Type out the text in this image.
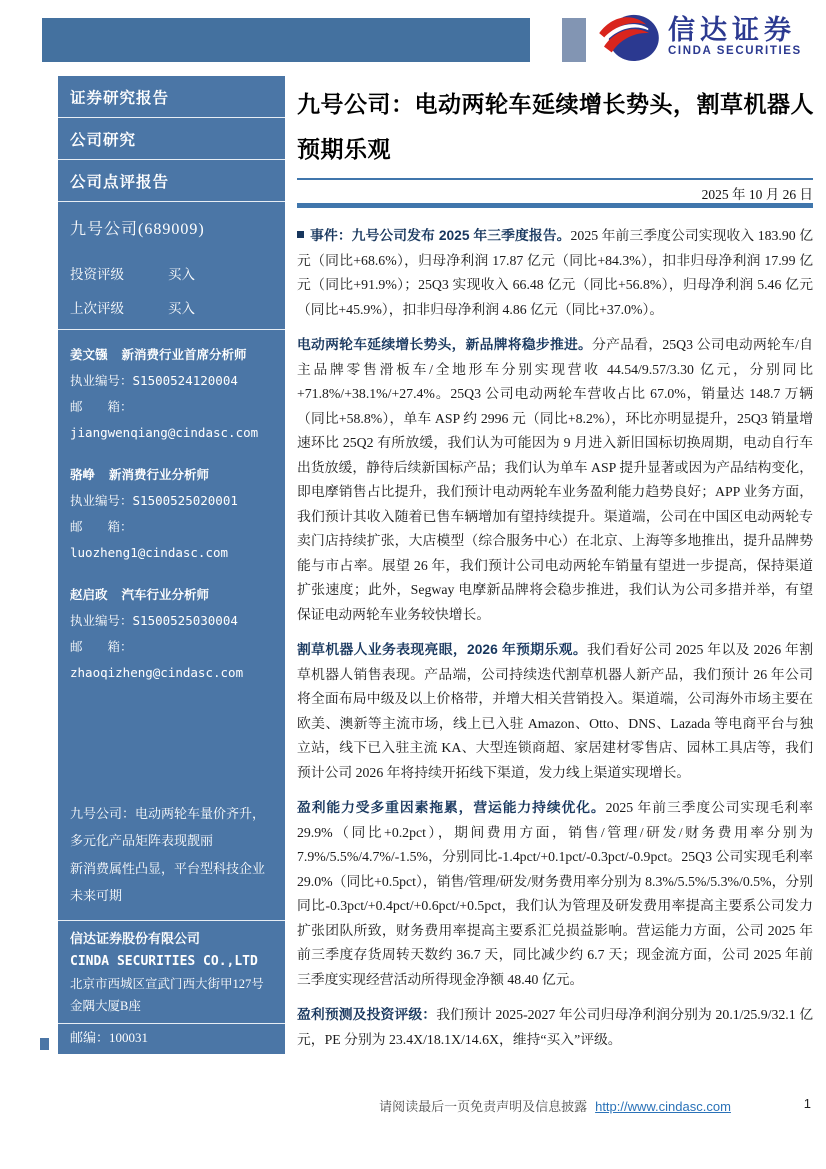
信达证券
CINDA SECURITIES
证券研究报告
公司研究
公司点评报告
九号公司(689009)
投资评级	买入
上次评级	买入
姜文镪 新消费行业首席分析师
执业编号：S1500524120004
邮　　箱：
jiangwenqiang@cindasc.com
骆峥 新消费行业分析师
执业编号：S1500525020001
邮　　箱：
luozheng1@cindasc.com
赵启政 汽车行业分析师
执业编号：S1500525030004
邮　　箱：
zhaoqizheng@cindasc.com
九号公司：电动两轮车量价齐升，多元化产品矩阵表现靓丽
新消费属性凸显，平台型科技企业未来可期
信达证券股份有限公司
CINDA SECURITIES CO.,LTD
北京市西城区宣武门西大街甲127号金隅大厦B座
邮编：100031
九号公司：电动两轮车延续增长势头，割草机器人预期乐观
2025 年 10 月 26 日

事件：九号公司发布 2025 年三季度报告。2025 年前三季度公司实现收入 183.90 亿元（同比+68.6%），归母净利润 17.87 亿元（同比+84.3%），扣非归母净利润 17.99 亿元（同比+91.9%）；25Q3 实现收入 66.48 亿元（同比+56.8%），归母净利润 5.46 亿元（同比+45.9%），扣非归母净利润 4.86 亿元（同比+37.0%）。

电动两轮车延续增长势头，新品牌将稳步推进。分产品看，25Q3 公司电动两轮车/自主品牌零售滑板车/全地形车分别实现营收 44.54/9.57/3.30 亿元，分别同比+71.8%/+38.1%/+27.4%。25Q3 公司电动两轮车营收占比 67.0%，销量达 148.7 万辆（同比+58.8%），单车 ASP 约 2996 元（同比+8.2%），环比亦明显提升，25Q3 销量增速环比 25Q2 有所放缓，我们认为可能因为 9 月进入新旧国标切换周期，电动自行车出货放缓，静待后续新国标产品；我们认为单车 ASP 提升显著或因为产品结构变化，即电摩销售占比提升，我们预计电动两轮车业务盈利能力趋势良好；APP 业务方面，我们预计其收入随着已售车辆增加有望持续提升。渠道端，公司在中国区电动两轮专卖门店持续扩张，大店模型（综合服务中心）在北京、上海等多地推出，提升品牌势能与市占率。展望 26 年，我们预计公司电动两轮车销量有望进一步提高，保持渠道扩张速度；此外，Segway 电摩新品牌将会稳步推进，我们认为公司多措并举，有望保证电动两轮车业务较快增长。

割草机器人业务表现亮眼，2026 年预期乐观。我们看好公司 2025 年以及 2026 年割草机器人销售表现。产品端，公司持续迭代割草机器人新产品，我们预计 26 年公司将全面布局中级及以上价格带，并增大相关营销投入。渠道端，公司海外市场主要在欧美、澳新等主流市场，线上已入驻 Amazon、Otto、DNS、Lazada 等电商平台与独立站，线下已入驻主流 KA、大型连锁商超、家居建材零售店、园林工具店等，我们预计公司 2026 年将持续开拓线下渠道，发力线上渠道实现增长。

盈利能力受多重因素拖累，营运能力持续优化。2025 年前三季度公司实现毛利率 29.9%（同比+0.2pct），期间费用方面，销售/管理/研发/财务费用率分别为 7.9%/5.5%/4.7%/-1.5%，分别同比-1.4pct/+0.1pct/-0.3pct/-0.9pct。25Q3 公司实现毛利率 29.0%（同比+0.5pct），销售/管理/研发/财务费用率分别为 8.3%/5.5%/5.3%/0.5%，分别同比-0.3pct/+0.4pct/+0.6pct/+0.5pct，我们认为管理及研发费用率提高主要系公司发力扩张团队所致，财务费用率提高主要系汇兑损益影响。营运能力方面，公司 2025 年前三季度存货周转天数约 36.7 天，同比减少约 6.7 天；现金流方面，公司 2025 年前三季度实现经营活动所得现金净额 48.40 亿元。

盈利预测及投资评级：我们预计 2025-2027 年公司归母净利润分别为 20.1/25.9/32.1 亿元，PE 分别为 23.4X/18.1X/14.6X，维持“买入”评级。

请阅读最后一页免责声明及信息披露 http://www.cindasc.com	1
